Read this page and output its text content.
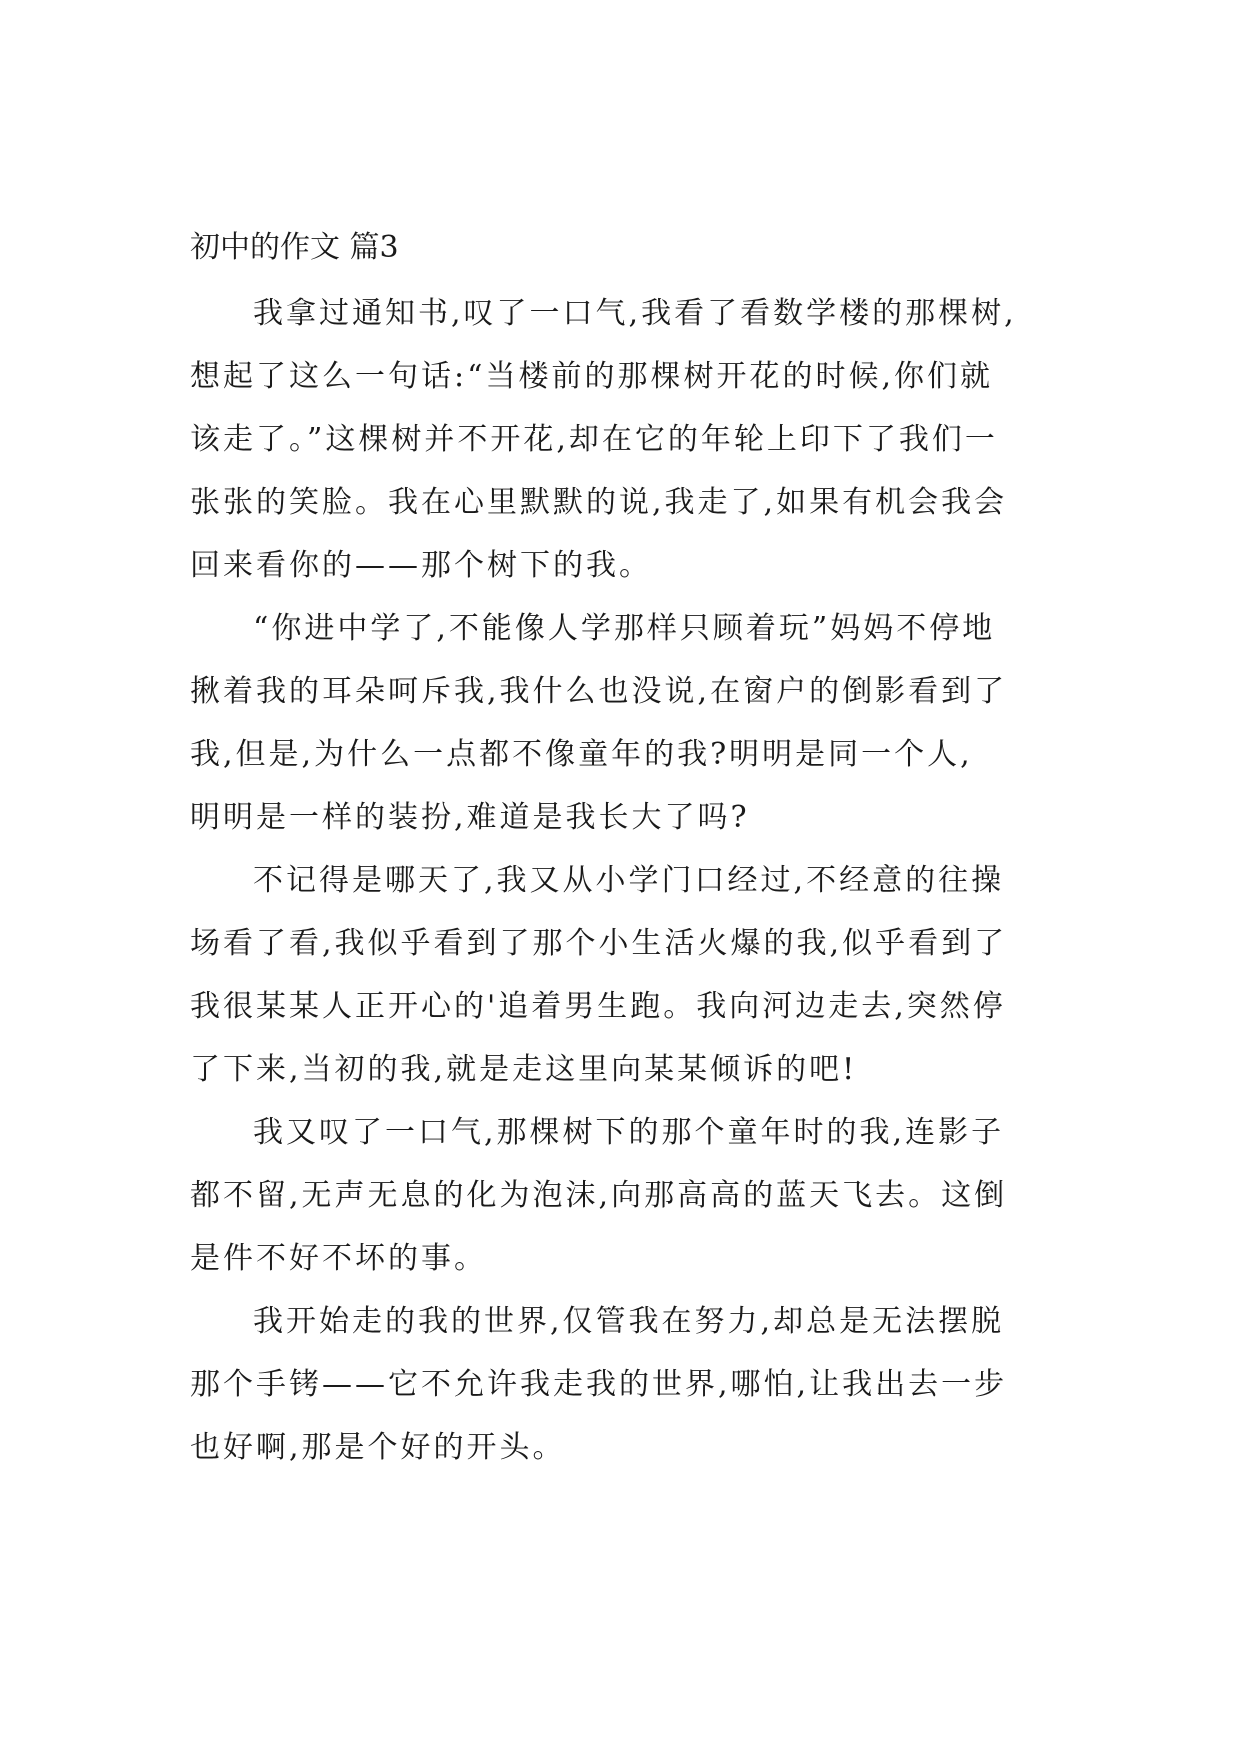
初中的作文 篇3
我拿过通知书,叹了一口气,我看了看数学楼的那棵树,
想起了这么一句话:“当楼前的那棵树开花的时候,你们就
该走了。”这棵树并不开花,却在它的年轮上印下了我们一
张张的笑脸。我在心里默默的说,我走了,如果有机会我会
回来看你的——那个树下的我。
“你进中学了,不能像人学那样只顾着玩”妈妈不停地
揪着我的耳朵呵斥我,我什么也没说,在窗户的倒影看到了
我,但是,为什么一点都不像童年的我?明明是同一个人,
明明是一样的装扮,难道是我长大了吗?
不记得是哪天了,我又从小学门口经过,不经意的往操
场看了看,我似乎看到了那个小生活火爆的我,似乎看到了
我很某某人正开心的'追着男生跑。我向河边走去,突然停
了下来,当初的我,就是走这里向某某倾诉的吧!
我又叹了一口气,那棵树下的那个童年时的我,连影子
都不留,无声无息的化为泡沫,向那高高的蓝天飞去。这倒
是件不好不坏的事。
我开始走的我的世界,仅管我在努力,却总是无法摆脱
那个手铐——它不允许我走我的世界,哪怕,让我出去一步
也好啊,那是个好的开头。
